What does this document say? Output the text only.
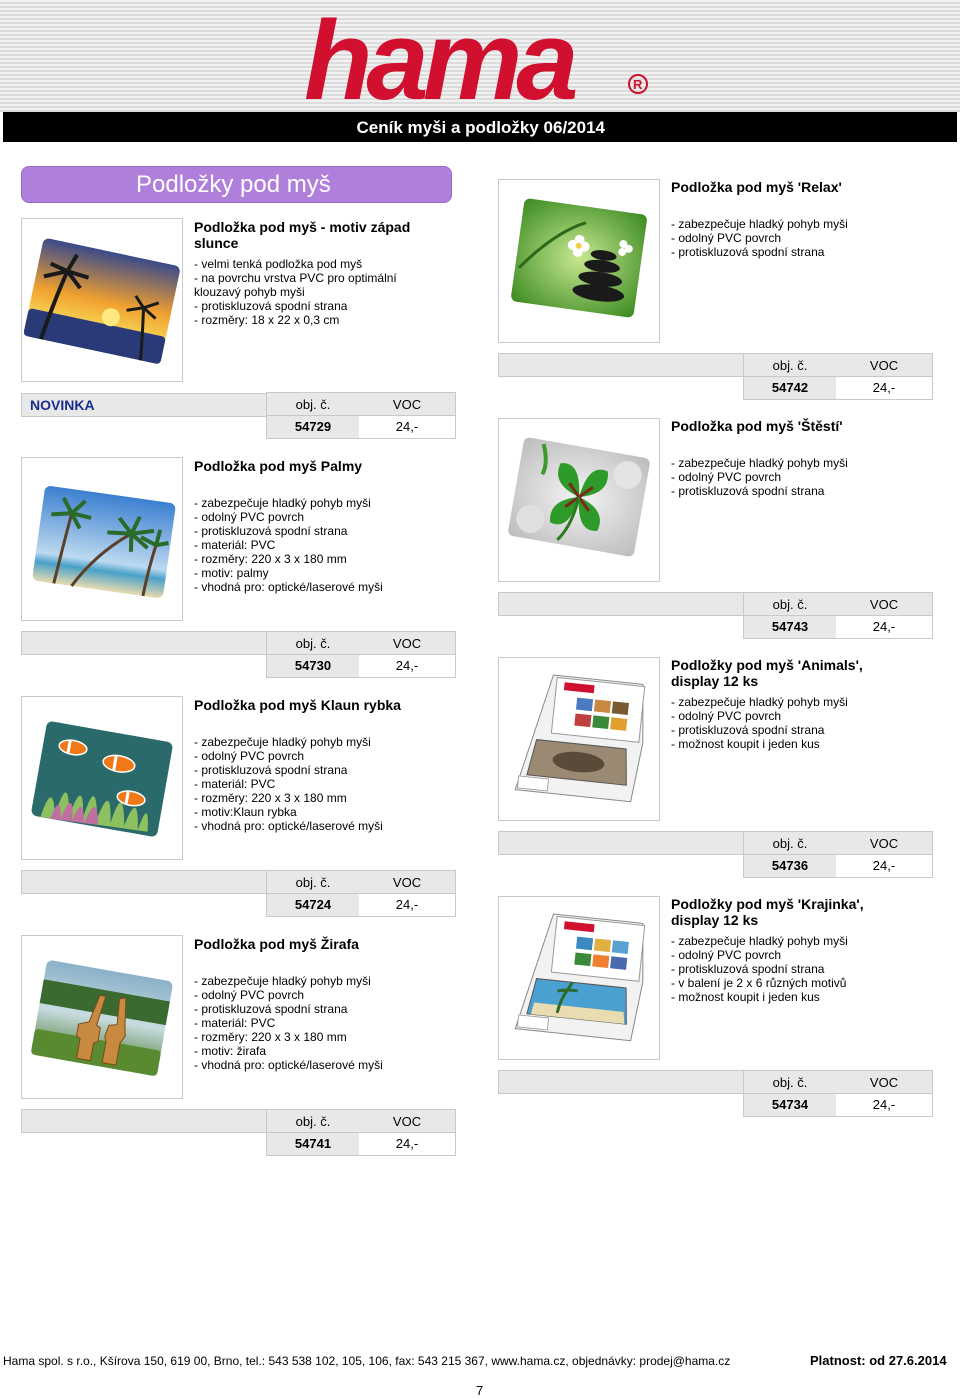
hama	R
Ceník myši a podložky 06/2014
Podložky pod myš
Podložka pod myš - motiv západ
slunce
- velmi tenká podložka pod myš
- na povrchu vrstva PVC pro optimální
klouzavý pohyb myši
- protiskluzová spodní strana
- rozměry: 18 x 22 x 0,3 cm
NOVINKA	obj. č.	VOC
54729	24,-
Podložka pod myš Palmy
- zabezpečuje hladký pohyb myši
- odolný PVC povrch
- protiskluzová spodní strana
- materiál: PVC
- rozměry: 220 x 3 x 180 mm
- motiv: palmy
- vhodná pro: optické/laserové myši
obj. č.	VOC
54730	24,-
Podložka pod myš Klaun rybka
- zabezpečuje hladký pohyb myši
- odolný PVC povrch
- protiskluzová spodní strana
- materiál: PVC
- rozměry: 220 x 3 x 180 mm
- motiv:Klaun rybka
- vhodná pro: optické/laserové myši
obj. č.	VOC
54724	24,-
Podložka pod myš Žirafa
- zabezpečuje hladký pohyb myši
- odolný PVC povrch
- protiskluzová spodní strana
- materiál: PVC
- rozměry: 220 x 3 x 180 mm
- motiv: žirafa
- vhodná pro: optické/laserové myši
obj. č.	VOC
54741	24,-
Podložka pod myš 'Relax'
- zabezpečuje hladký pohyb myši
- odolný PVC povrch
- protiskluzová spodní strana
obj. č.	VOC
54742	24,-
Podložka pod myš 'Štěstí'
- zabezpečuje hladký pohyb myši
- odolný PVC povrch
- protiskluzová spodní strana
obj. č.	VOC
54743	24,-
Podložky pod myš 'Animals',
display 12 ks
- zabezpečuje hladký pohyb myši
- odolný PVC povrch
- protiskluzová spodní strana
- možnost koupit i jeden kus
obj. č.	VOC
54736	24,-
Podložky pod myš 'Krajinka',
display 12 ks
- zabezpečuje hladký pohyb myši
- odolný PVC povrch
- protiskluzová spodní strana
- v balení je 2 x 6 různých motivů
- možnost koupit i jeden kus
obj. č.	VOC
54734	24,-
Hama spol. s r.o., Kšírova 150, 619 00, Brno, tel.: 543 538 102, 105, 106, fax: 543 215 367, www.hama.cz, objednávky: prodej@hama.cz	Platnost: od 27.6.2014
7
